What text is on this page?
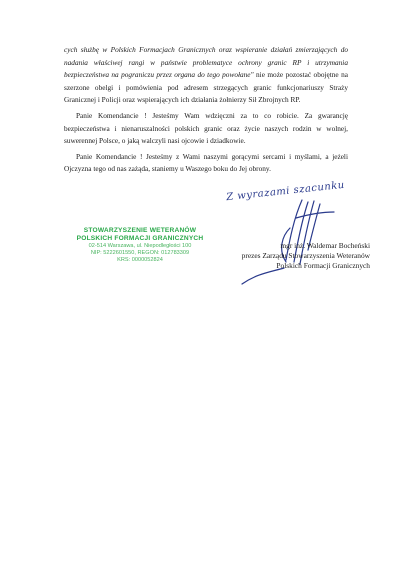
cych służbę w Polskich Formacjach Granicznych oraz wspieranie działań zmierzających do nadania właściwej rangi w państwie problematyce ochrony granic RP i utrzymania bezpieczeństwa na pograniczu przez organa do tego powołane" nie może pozostać obojętne na szerzone obelgi i pomówienia pod adresem strzegących granic funkcjonariuszy Straży Granicznej i Policji oraz wspierających ich działania żołnierzy Sił Zbrojnych RP.

Panie Komendancie ! Jesteśmy Wam wdzięczni za to co robicie. Za gwarancję bezpieczeństwa i nienaruszalności polskich granic oraz życie naszych rodzin w wolnej, suwerennej Polsce, o jaką walczyli nasi ojcowie i dziadkowie.

Panie Komendancie ! Jesteśmy z Wami naszymi gorącymi sercami i myślami, a jeżeli Ojczyzna tego od nas zażąda, staniemy u Waszego boku do Jej obrony.

Z wyrazami szacunku
STOWARZYSZENIE WETERANÓW
POLSKICH FORMACJI GRANICZNYCH
02-514 Warszawa, ul. Niepodległości 100
NIP: 5222601550, REGON: 012783309
KRS: 0000052824
mgr inż. Waldemar Bocheński
prezes Zarządu Stowarzyszenia Weteranów
Polskich Formacji Granicznych
